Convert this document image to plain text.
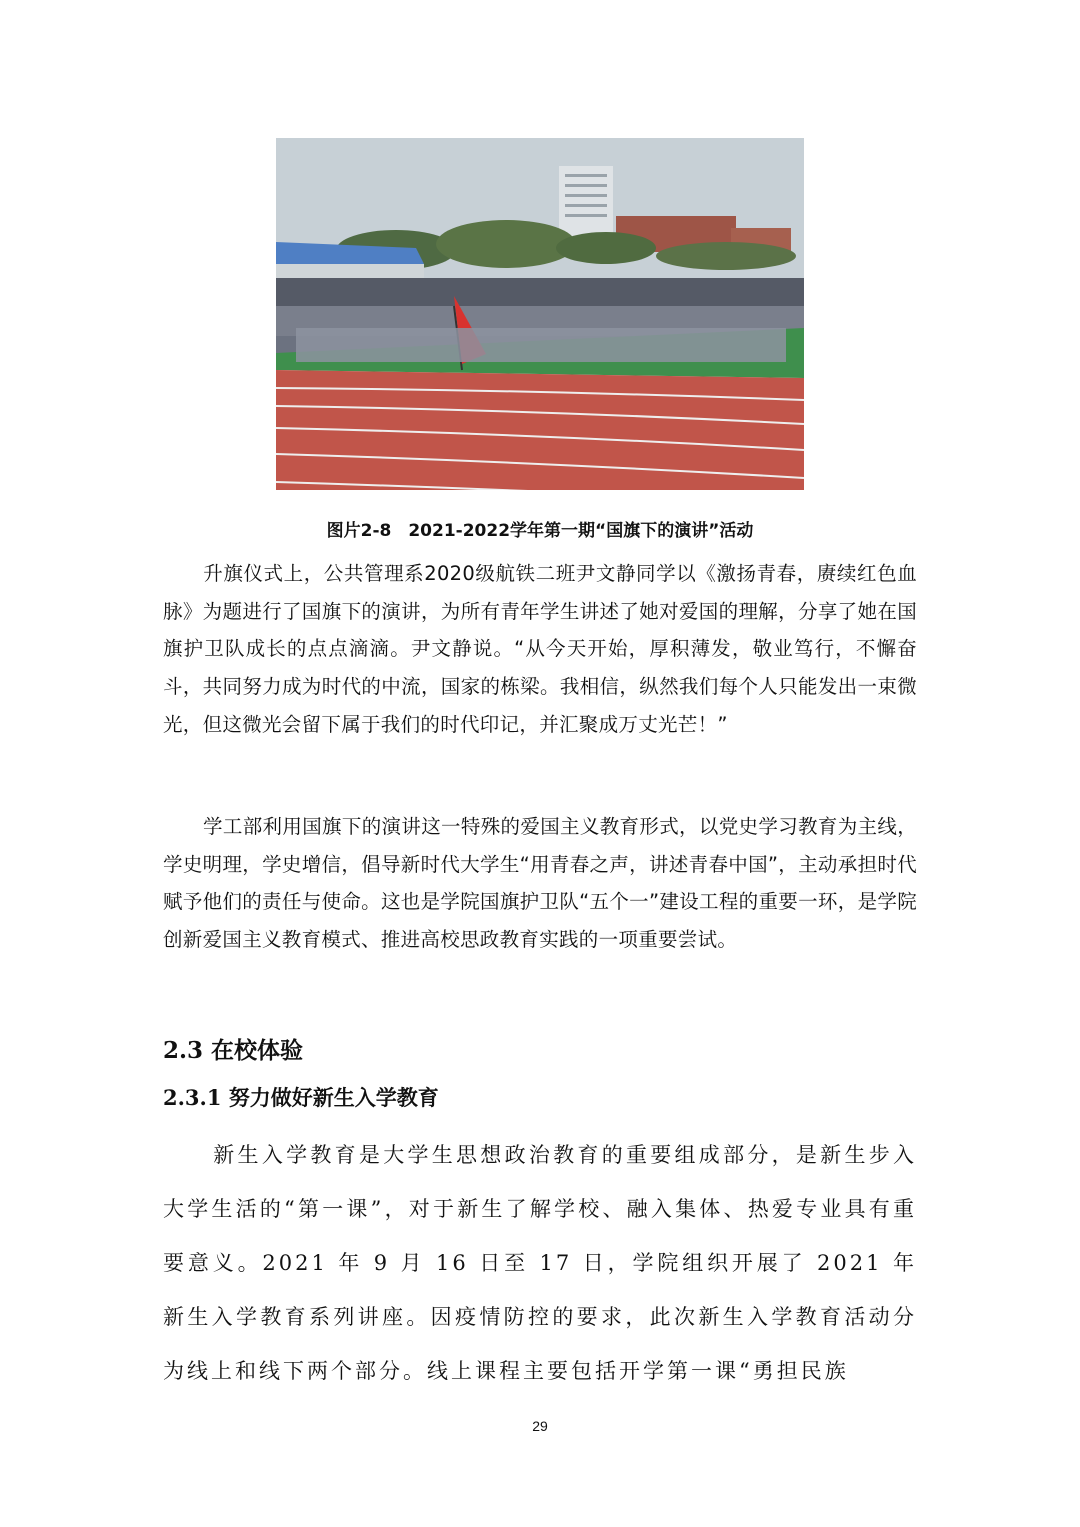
图片2-8　2021-2022学年第一期“国旗下的演讲”活动

升旗仪式上，公共管理系2020级航铁二班尹文静同学以《激扬青春，赓续红色血脉》为题进行了国旗下的演讲，为所有青年学生讲述了她对爱国的理解，分享了她在国旗护卫队成长的点点滴滴。尹文静说。“从今天开始，厚积薄发，敬业笃行，不懈奋斗，共同努力成为时代的中流，国家的栋梁。我相信，纵然我们每个人只能发出一束微光，但这微光会留下属于我们的时代印记，并汇聚成万丈光芒！”

学工部利用国旗下的演讲这一特殊的爱国主义教育形式，以党史学习教育为主线，学史明理，学史增信，倡导新时代大学生“用青春之声，讲述青春中国”，主动承担时代赋予他们的责任与使命。这也是学院国旗护卫队“五个一”建设工程的重要一环，是学院创新爱国主义教育模式、推进高校思政教育实践的一项重要尝试。

2.3 在校体验
2.3.1 努力做好新生入学教育

新生入学教育是大学生思想政治教育的重要组成部分，是新生步入大学生活的“第一课”，对于新生了解学校、融入集体、热爱专业具有重要意义。2021 年 9 月 16 日至 17 日，学院组织开展了 2021 年新生入学教育系列讲座。因疫情防控的要求，此次新生入学教育活动分为线上和线下两个部分。线上课程主要包括开学第一课“勇担民族

29
